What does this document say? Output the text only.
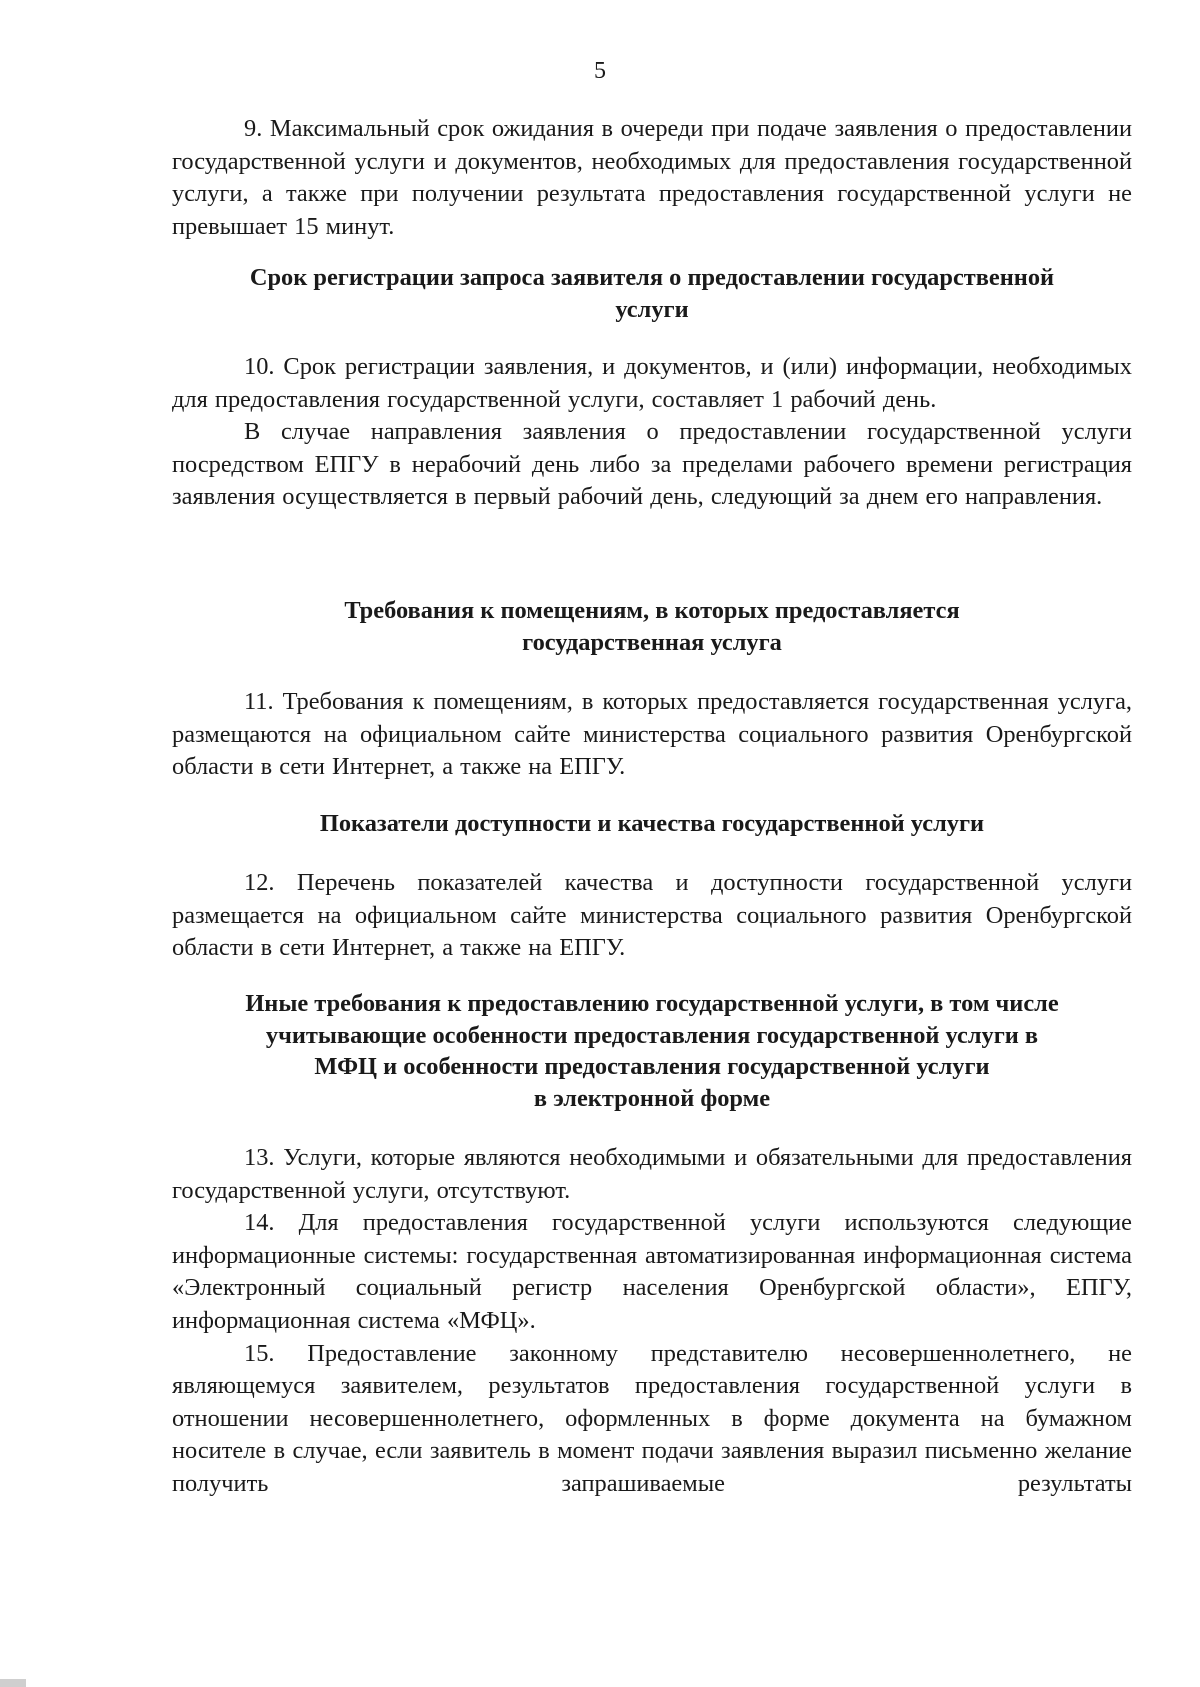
5

9. Максимальный срок ожидания в очереди при подаче заявления о предоставлении государственной услуги и документов, необходимых для предоставления государственной услуги, а также при получении результата предоставления государственной услуги не превышает 15 минут.

Срок регистрации запроса заявителя о предоставлении государственной
услуги

10. Срок регистрации заявления, и документов, и (или) информации, необходимых для предоставления государственной услуги, составляет 1 рабочий день.

В случае направления заявления о предоставлении государственной услуги посредством ЕПГУ в нерабочий день либо за пределами рабочего времени регистрация заявления осуществляется в первый рабочий день, следующий за днем его направления.

Требования к помещениям, в которых предоставляется
государственная услуга

11. Требования к помещениям, в которых предоставляется государственная услуга, размещаются на официальном сайте министерства социального развития Оренбургской области в сети Интернет, а также на ЕПГУ.

Показатели доступности и качества государственной услуги

12. Перечень показателей качества и доступности государственной услуги размещается на официальном сайте министерства социального развития Оренбургской области в сети Интернет, а также на ЕПГУ.

Иные требования к предоставлению государственной услуги, в том числе
учитывающие особенности предоставления государственной услуги в
МФЦ и особенности предоставления государственной услуги
в электронной форме

13. Услуги, которые являются необходимыми и обязательными для предоставления государственной услуги, отсутствуют.

14. Для предоставления государственной услуги используются следующие информационные системы: государственная автоматизированная информационная система «Электронный социальный регистр населения Оренбургской области», ЕПГУ, информационная система «МФЦ».

15. Предоставление законному представителю несовершеннолетнего, не являющемуся заявителем, результатов предоставления государственной услуги в отношении несовершеннолетнего, оформленных в форме документа на бумажном носителе в случае, если заявитель в момент подачи заявления выразил письменно желание получить запрашиваемые результаты
